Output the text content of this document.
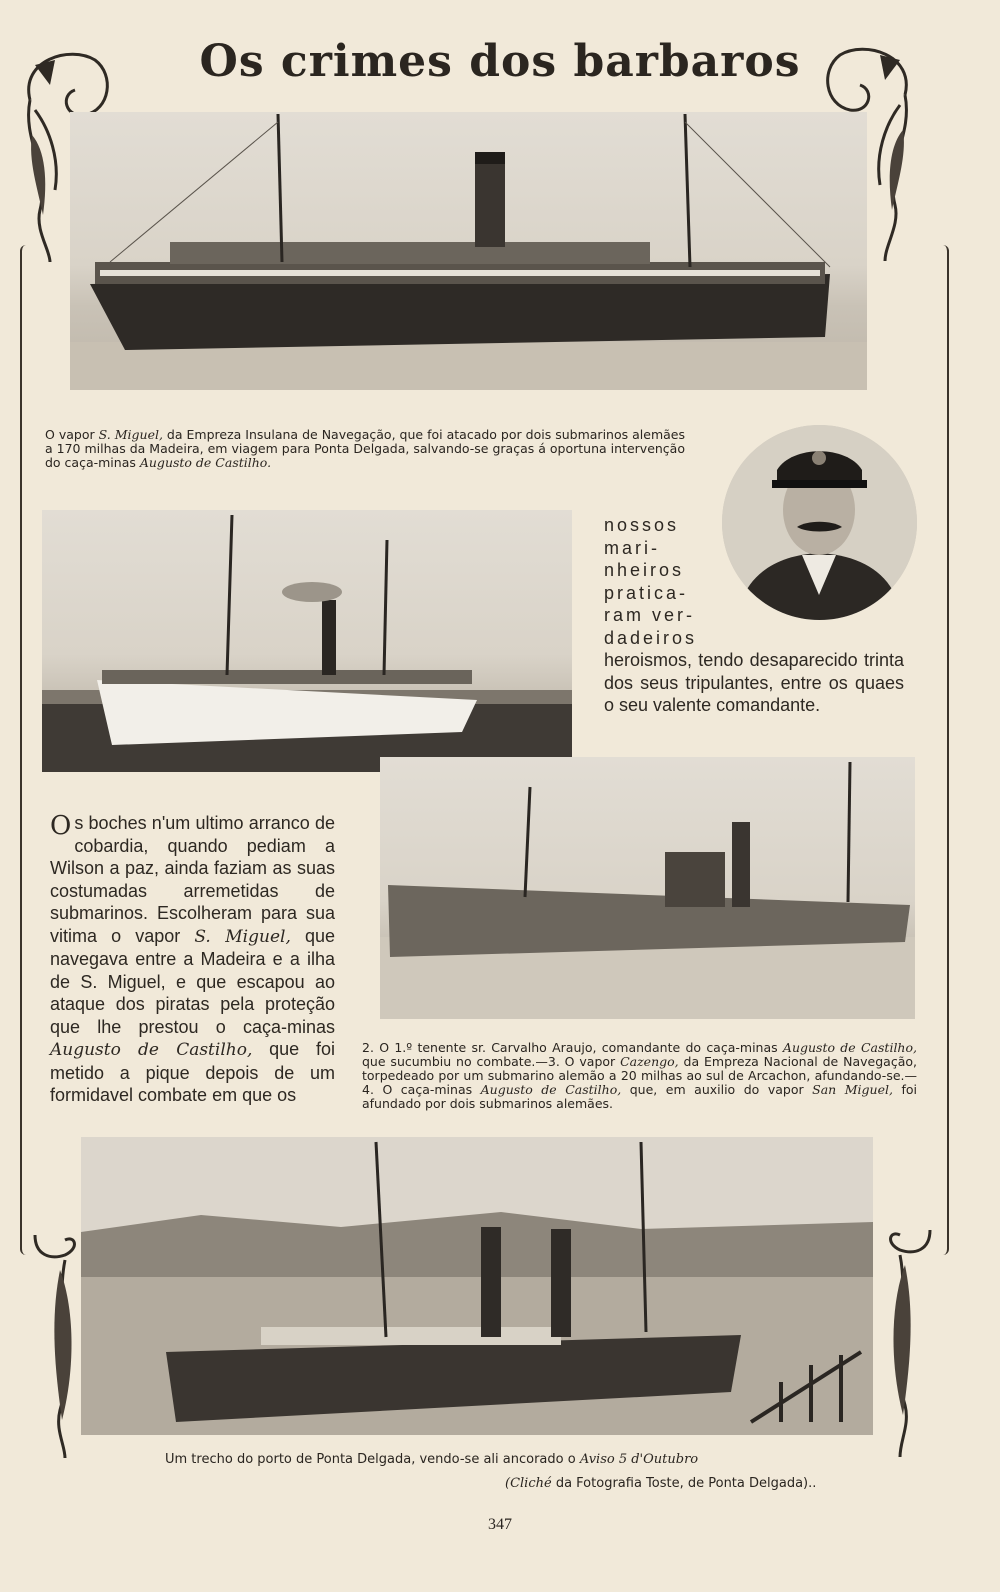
Os crimes dos barbaros
O vapor S. Miguel, da Empreza Insulana de Navegação, que foi atacado por dois submarinos alemães a 170 milhas da Madeira, em viagem para Ponta Delgada, salvando-se graças á oportuna intervenção do caça-minas Augusto de Castilho.
nossos
mari-
nheiros
pratica-
ram ver-
dadeiros
heroismos, tendo desaparecido trinta dos seus tripulantes, entre os quaes o seu valente comandante.
O s boches n'um ultimo arranco de cobardia, quando pediam a Wilson a paz, ainda faziam as suas costumadas arremetidas de submarinos. Escolheram para sua vitima o vapor S. Miguel, que navegava entre a Madeira e a ilha de S. Miguel, e que escapou ao ataque dos piratas pela proteção que lhe prestou o caça-minas Augusto de Castilho, que foi metido a pique depois de um formidavel combate em que os
2. O 1.º tenente sr. Carvalho Araujo, comandante do caça-minas Augusto de Castilho, que sucumbiu no combate.—3. O vapor Cazengo, da Empreza Nacional de Navegação, torpedeado por um submarino alemão a 20 milhas ao sul de Arcachon, afundando-se.—4. O caça-minas Augusto de Castilho, que, em auxilio do vapor San Miguel, foi afundado por dois submarinos alemães.
Um trecho do porto de Ponta Delgada, vendo-se ali ancorado o Aviso 5 d'Outubro
(Cliché da Fotografia Toste, de Ponta Delgada)..
347
